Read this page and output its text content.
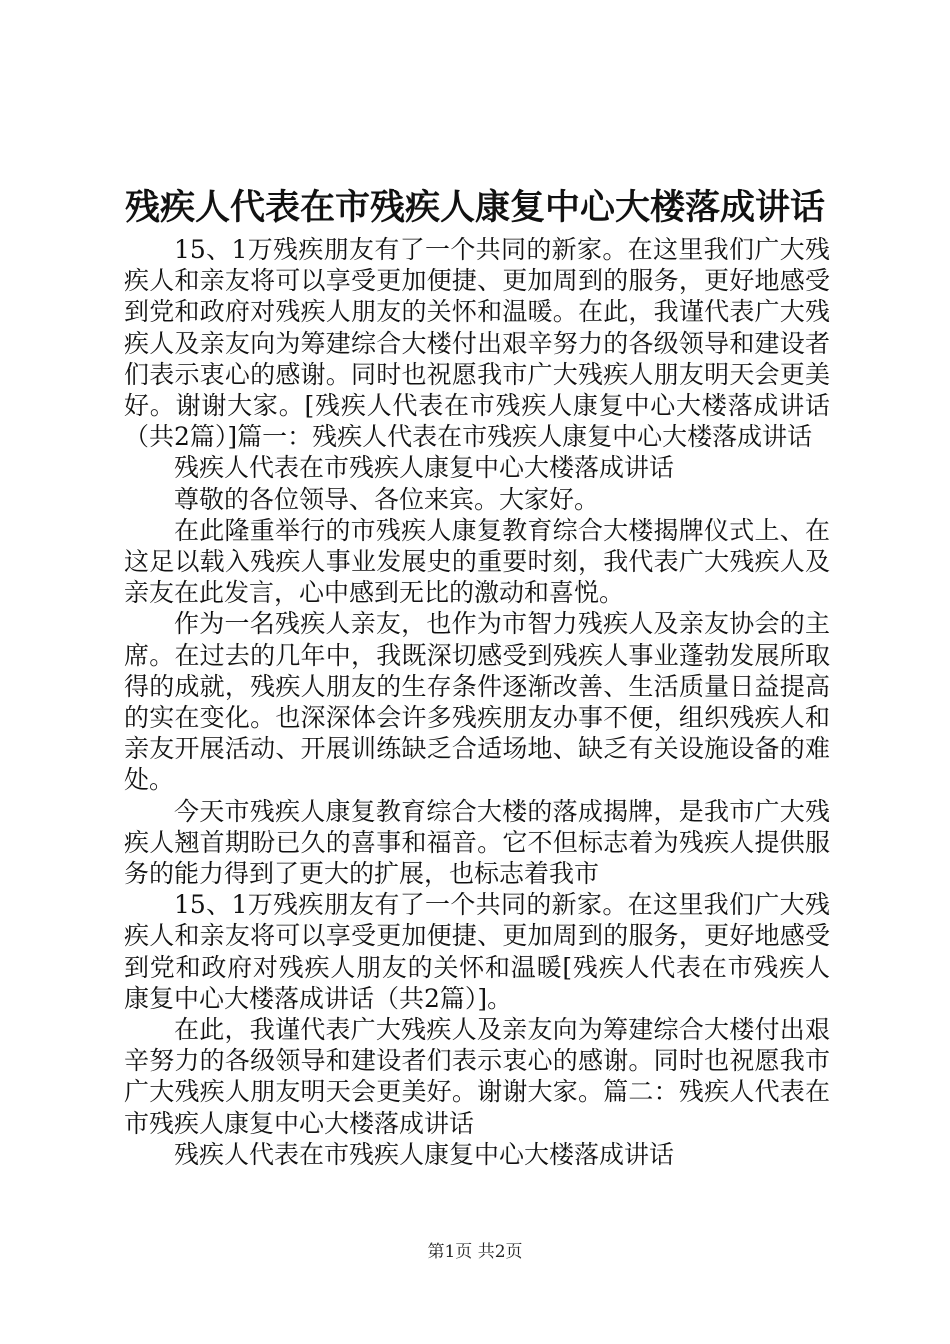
残疾人代表在市残疾人康复中心大楼落成讲话

15、1万残疾朋友有了一个共同的新家。在这里我们广大残疾人和亲友将可以享受更加便捷、更加周到的服务，更好地感受到党和政府对残疾人朋友的关怀和温暖。在此，我谨代表广大残疾人及亲友向为筹建综合大楼付出艰辛努力的各级领导和建设者们表示衷心的感谢。同时也祝愿我市广大残疾人朋友明天会更美好。谢谢大家。[残疾人代表在市残疾人康复中心大楼落成讲话（共2篇）]篇一：残疾人代表在市残疾人康复中心大楼落成讲话

残疾人代表在市残疾人康复中心大楼落成讲话

尊敬的各位领导、各位来宾。大家好。

在此隆重举行的市残疾人康复教育综合大楼揭牌仪式上、在这足以载入残疾人事业发展史的重要时刻，我代表广大残疾人及亲友在此发言，心中感到无比的激动和喜悦。

作为一名残疾人亲友，也作为市智力残疾人及亲友协会的主席。在过去的几年中，我既深切感受到残疾人事业蓬勃发展所取得的成就，残疾人朋友的生存条件逐渐改善、生活质量日益提高的实在变化。也深深体会许多残疾朋友办事不便，组织残疾人和亲友开展活动、开展训练缺乏合适场地、缺乏有关设施设备的难处。

今天市残疾人康复教育综合大楼的落成揭牌，是我市广大残疾人翘首期盼已久的喜事和福音。它不但标志着为残疾人提供服务的能力得到了更大的扩展，也标志着我市

15、1万残疾朋友有了一个共同的新家。在这里我们广大残疾人和亲友将可以享受更加便捷、更加周到的服务，更好地感受到党和政府对残疾人朋友的关怀和温暖[残疾人代表在市残疾人康复中心大楼落成讲话（共2篇）]。

在此，我谨代表广大残疾人及亲友向为筹建综合大楼付出艰辛努力的各级领导和建设者们表示衷心的感谢。同时也祝愿我市广大残疾人朋友明天会更美好。谢谢大家。篇二：残疾人代表在市残疾人康复中心大楼落成讲话

残疾人代表在市残疾人康复中心大楼落成讲话

第1页 共2页
